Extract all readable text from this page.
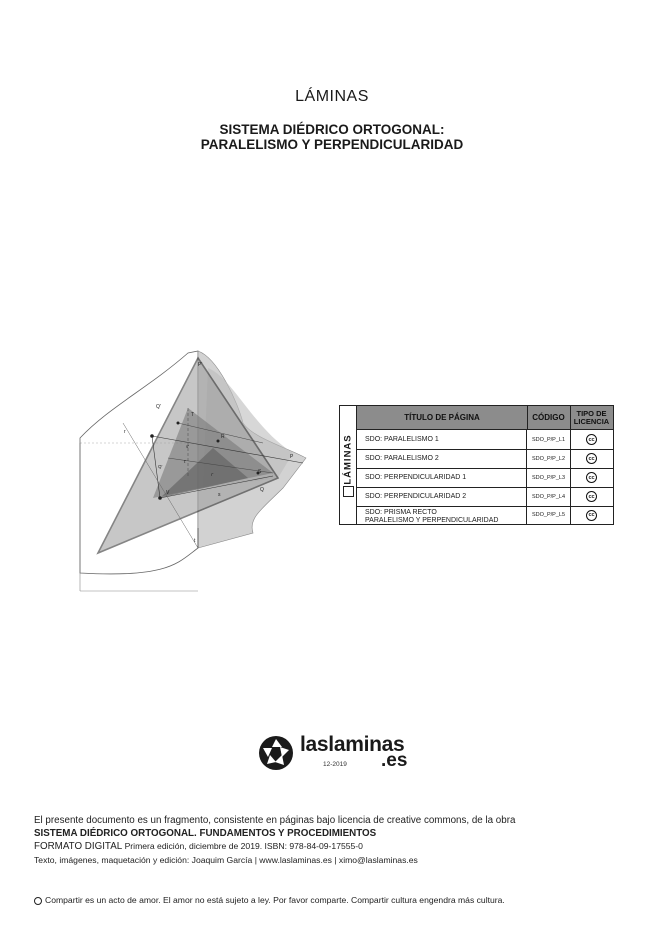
LÁMINAS
SISTEMA DIÉDRICO ORTOGONAL:
PARALELISMO Y PERPENDICULARIDAD
P'
Q'
T
R
P
S
Q
V
r
t
s
Q'
r'
s'
t'	LÁMINAS
TÍTULO DE PÁGINA	CÓDIGO	TIPO DE LICENCIA
SDO: PARALELISMO 1	SDO_P/P_L1	cc
SDO: PARALELISMO 2	SDO_P/P_L2	cc
SDO: PERPENDICULARIDAD 1	SDO_P/P_L3	cc
SDO: PERPENDICULARIDAD 2	SDO_P/P_L4	cc
SDO: PRISMA RECTO
PARALELISMO Y PERPENDICULARIDAD
SDO_P/P_L5	cc
laslaminas
.es
12-2019
El presente documento es un fragmento, consistente en páginas bajo licencia de creative commons, de la obra
SISTEMA DIÉDRICO ORTOGONAL. FUNDAMENTOS Y PROCEDIMIENTOS
FORMATO DIGITAL Primera edición, diciembre de 2019. ISBN: 978-84-09-17555-0
Texto, imágenes, maquetación y edición: Joaquim García | www.laslaminas.es | ximo@laslaminas.es
Compartir es un acto de amor. El amor no está sujeto a ley. Por favor comparte. Compartir cultura engendra más cultura.
